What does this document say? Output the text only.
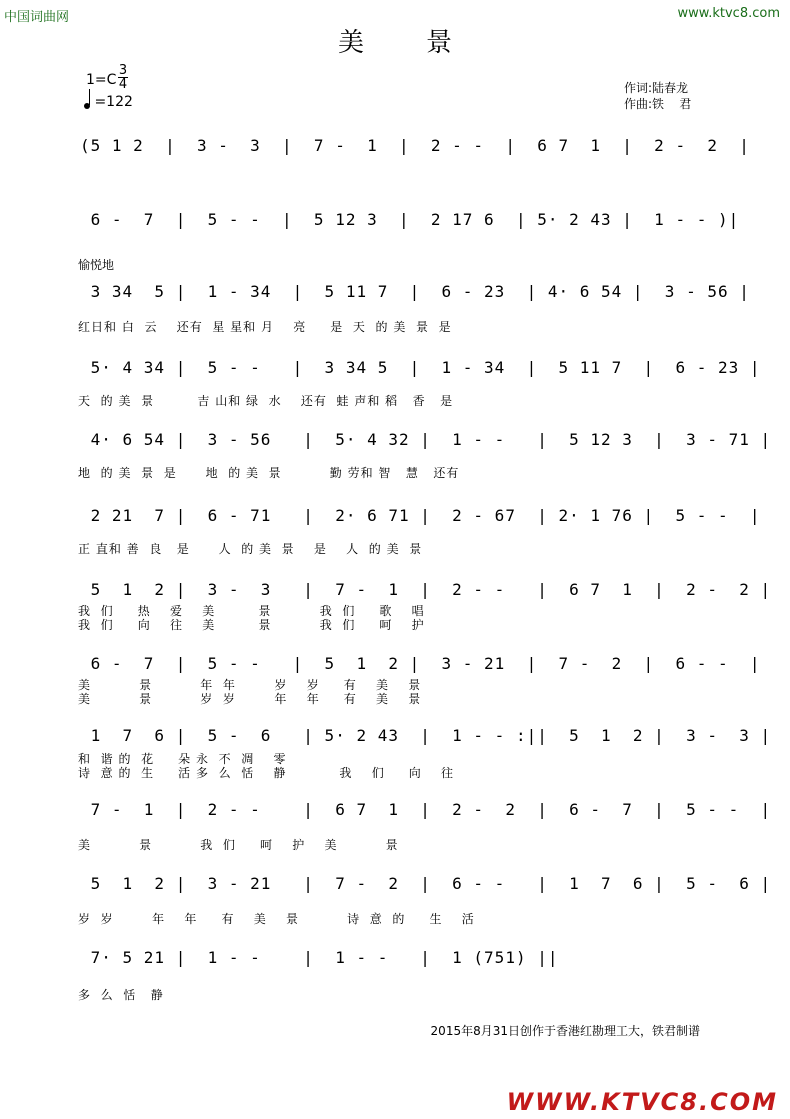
中国词曲网	www.ktvc8.com
美景
1=C
3
4
=122
作词:陆春龙
作曲:铁    君
愉悦地
(5 1 2  |  3 -  3  |  7 -  1  |  2 - -  |  6 7  1  |  2 -  2  |
6 -  7  |  5 - -  |  5 12 3  |  2 17 6  | 5· 2 43 |  1 - - )|
3 34  5 |  1 - 34  |  5 11 7  |  6 - 23  | 4· 6 54 |  3 - 56 |
红日和 白  云    还有  星 星和 月    亮     是  天  的 美  景  是
5· 4 34 |  5 - -   |  3 34 5  |  1 - 34  |  5 11 7  |  6 - 23 |
天  的 美  景         吉 山和 绿  水    还有  蛙 声和 稻   香   是
4· 6 54 |  3 - 56   |  5· 4 32 |  1 - -   |  5 12 3  |  3 - 71 |
地  的 美  景  是      地  的 美  景          勤 劳和 智   慧   还有
2 21  7 |  6 - 71   |  2· 6 71 |  2 - 67  | 2· 1 76 |  5 - -  |
正 直和 善  良   是      人  的 美  景    是    人  的 美  景
5  1  2 |  3 -  3   |  7 -  1  |  2 - -   |  6 7  1  |  2 -  2 |
我  们     热    爱    美         景          我  们     歌    唱
我  们     向    往    美         景          我  们     呵    护
6 -  7  |  5 - -   |  5  1  2 |  3 - 21  |  7 -  2  |  6 - -  |
美          景          年  年        岁    岁     有    美    景
美          景          岁  岁        年    年     有    美    景
1  7  6 |  5 -  6   | 5· 2 43  |  1 - - :||  5  1  2 |  3 -  3 |
和  谐 的  花     朵 永  不  凋    零
诗  意 的  生     活 多  么  恬    静           我    们     向    往
7 -  1  |  2 - -    |  6 7  1  |  2 -  2  |  6 -  7  |  5 - -  |
美          景          我  们     呵    护    美          景
5  1  2 |  3 - 21   |  7 -  2  |  6 - -   |  1  7  6 |  5 -  6 |
岁  岁        年    年     有    美    景          诗  意  的     生    活
7· 5 21 |  1 - -    |  1 - -   |  1 (751) ||
多  么  恬   静
2015年8月31日创作于香港红勘理工大，铁君制谱
WWW.KTVC8.COM
